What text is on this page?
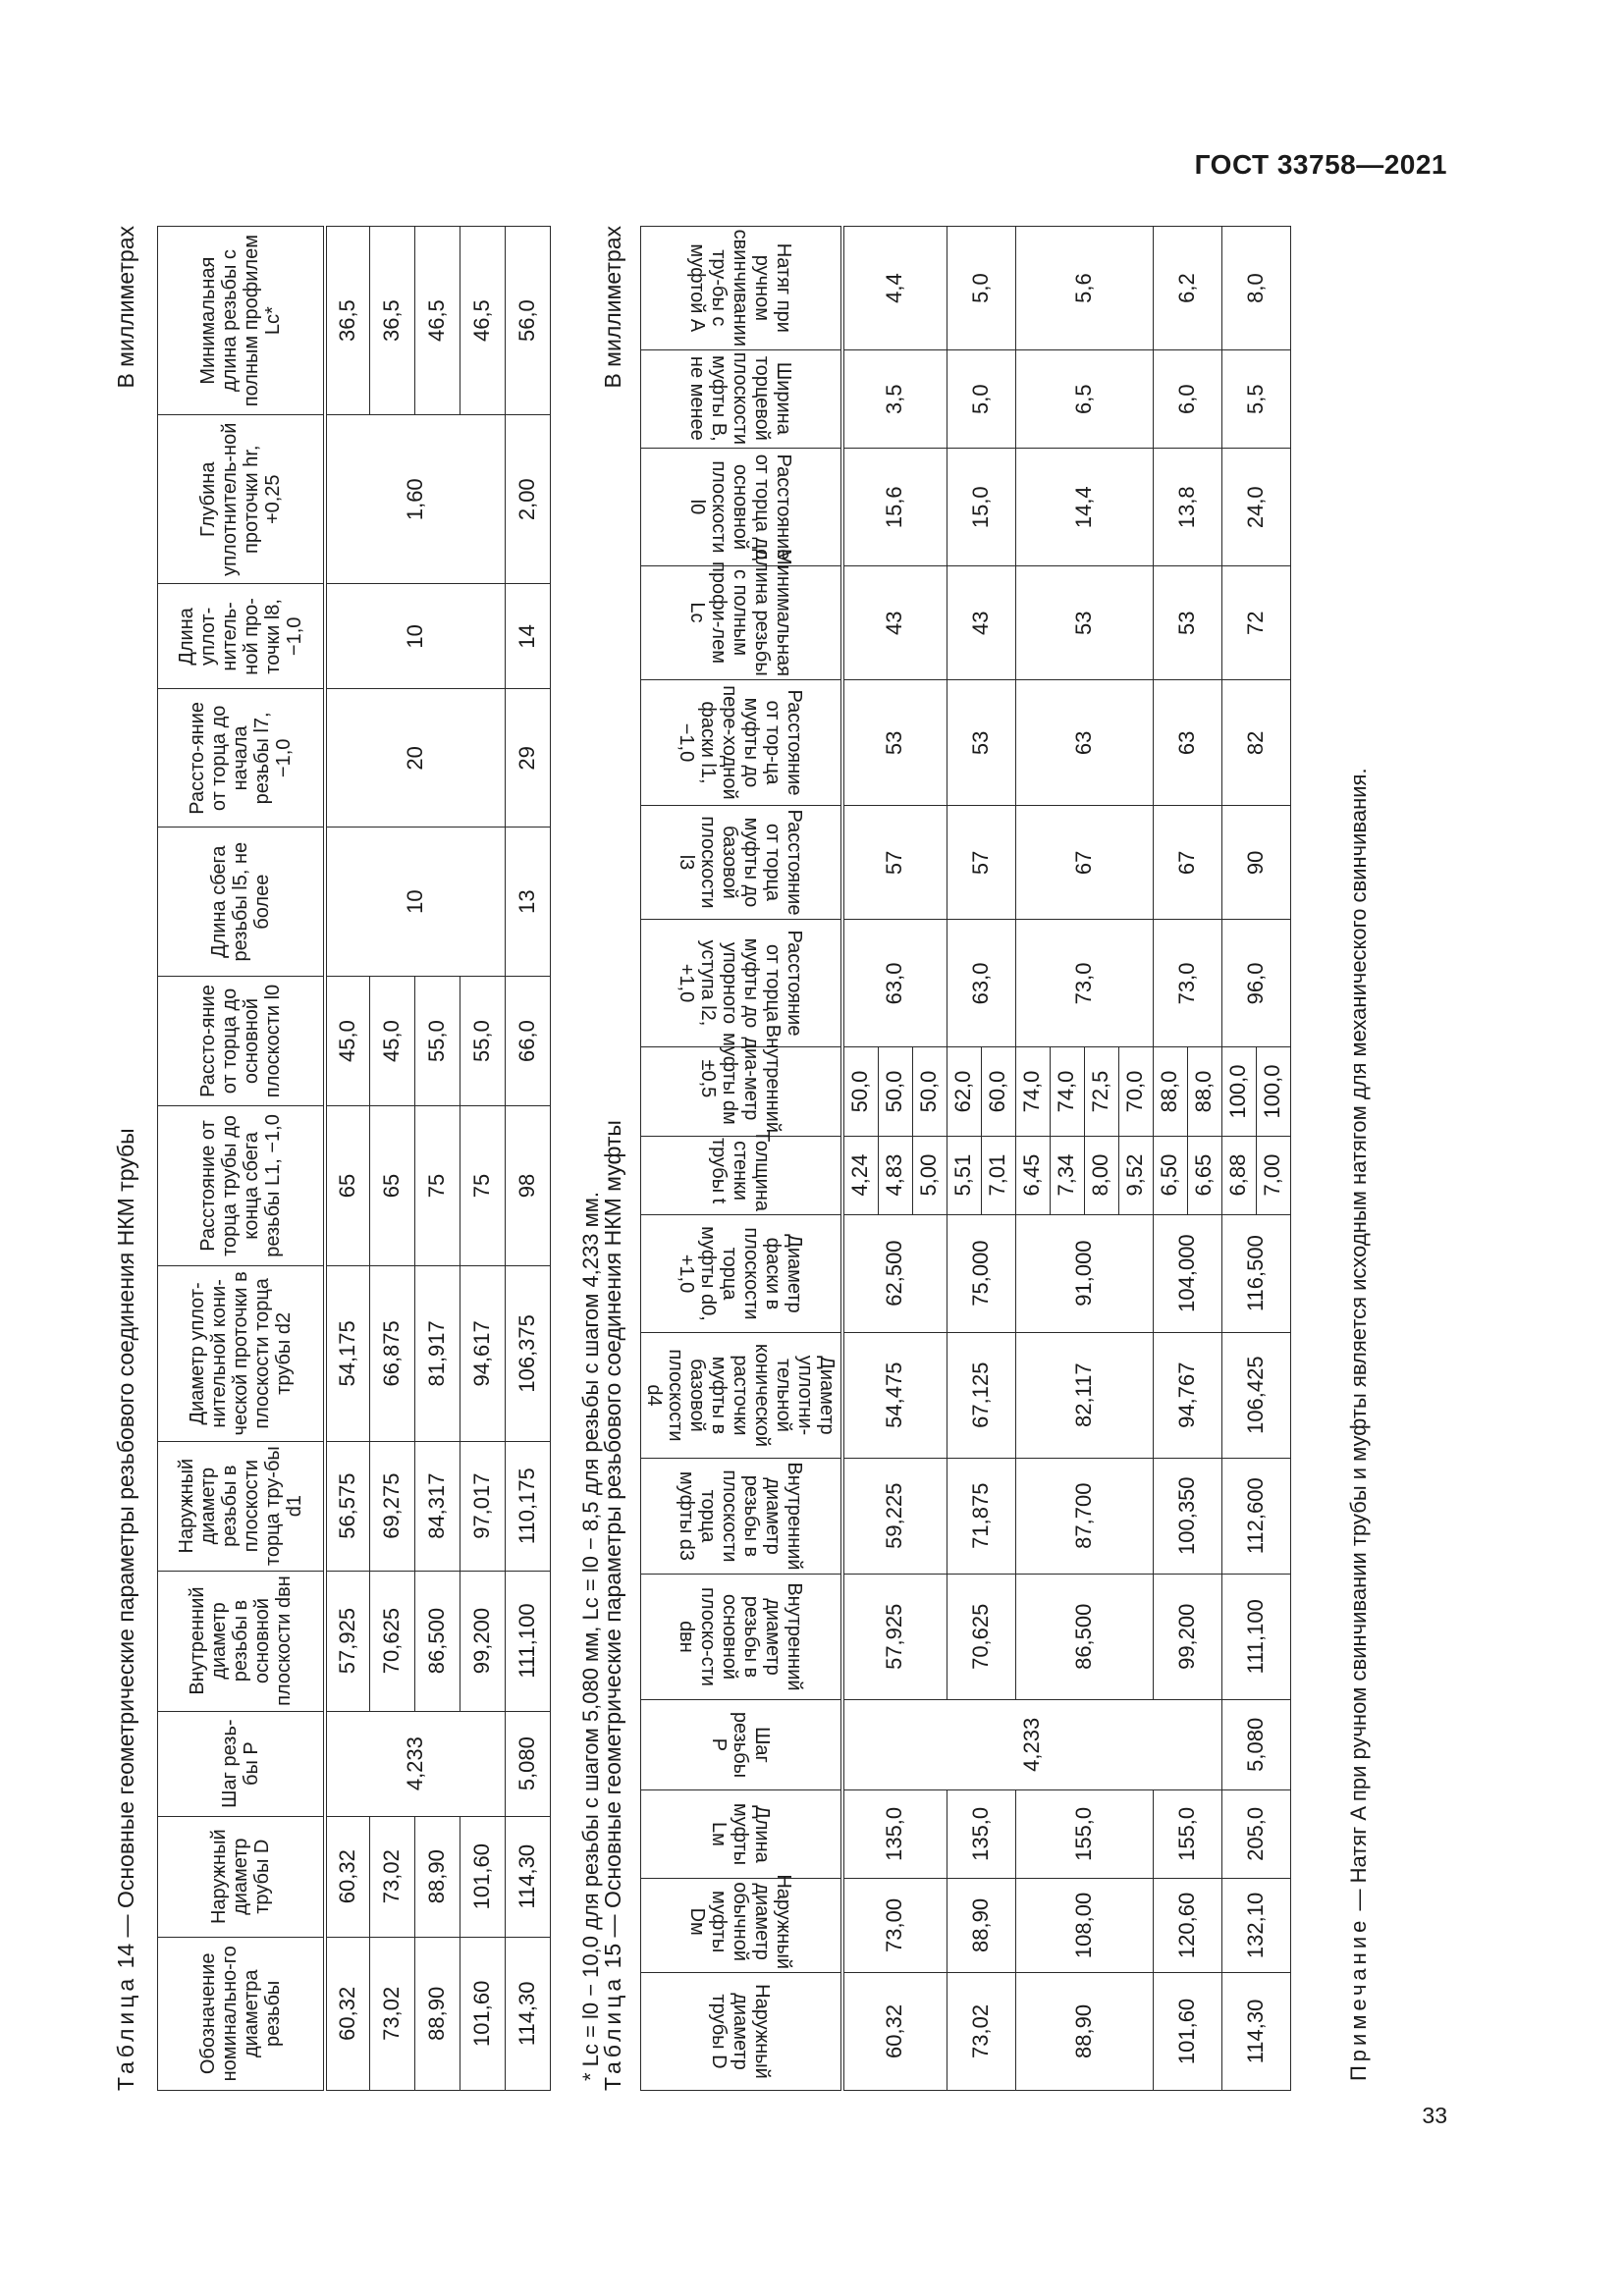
ГОСТ 33758—2021
33
Таблица 14 — Основные геометрические параметры резьбового соединения НКМ трубы
В миллиметрах
Обозначение номинально-го диаметра резьбы	Наружный диаметр трубы D	Шаг резь-бы P	Внутренний диаметр резьбы в основной плоскости dвн	Наружный диаметр резьбы в плоскости торца тру-бы d1	Диаметр уплот-нительной кони-ческой проточки в плоскости торца трубы d2	Расстояние от торца трубы до конца сбега резьбы L1, −1,0	Рассто-яние от торца до основной плоскости l0	Длина сбега резьбы l5, не более	Рассто-яние от торца до начала резьбы l7, −1,0	Длина уплот-нитель-ной про-точки l8, −1,0	Глубина уплотнитель-ной проточки hr, +0,25	Минимальная длина резьбы с полным профилем Lc*
60,32	60,32	4,233	57,925	56,575	54,175	65	45,0	10	20	10	1,60	36,5
73,02	73,02		70,625	69,275	66,875	65	45,0					36,5
88,90	88,90		86,500	84,317	81,917	75	55,0					46,5
101,60	101,60		99,200	97,017	94,617	75	55,0					46,5
114,30	114,30	5,080	111,100	110,175	106,375	98	66,0	13	29	14	2,00	56,0
* Lc = l0 − 10,0 для резьбы с шагом 5,080 мм, Lc = l0 − 8,5 для резьбы с шагом 4,233 мм.
Таблица 15 — Основные геометрические параметры резьбового соединения НКМ муфты
В миллиметрах
Наружный диаметр трубы D	Наружный диаметр обычной муфты Dм	Длина муфты Lм	Шаг резьбы P	Внутренний диаметр резьбы в основной плоско-сти dвн	Внутренний диаметр резьбы в плоскости торца муфты d3	Диаметр уплотни-тельной конической расточки муфты в базовой плоскости d4	Диаметр фаски в плоскости торца муфты d0, +1,0	Толщина стенки трубы t	Внутренний диа-метр муфты dм ±0,5	Расстояние от торца муфты до упорного уступа l2, +1,0	Расстояние от торца муфты до базовой плоскости l3	Расстояние от тор-ца муфты до пере-ходной фаски l1, −1,0	Минимальная длина резьбы с полным профи-лем Lc	Расстояние от торца до основной плоскости l0	Ширина торцевой плоскости муфты B, не менее	Натяг при ручном свинчивании тру-бы с муфтой A
60,32	73,00	135,0	4,233	57,925	59,225	54,475	62,500	4,24	50,0	63,0	57	53	43	15,6	3,5	4,4
								4,83	50,0							
								5,00	50,0							
73,02	88,90	135,0		70,625	71,875	67,125	75,000	5,51	62,0	63,0	57	53	43	15,0	5,0	5,0
								7,01	60,0							
88,90	108,00	155,0		86,500	87,700	82,117	91,000	6,45	74,0	73,0	67	63	53	14,4	6,5	5,6
								7,34	74,0							
								8,00	72,5							
								9,52	70,0							
101,60	120,60	155,0		99,200	100,350	94,767	104,000	6,50	88,0	73,0	67	63	53	13,8	6,0	6,2
								6,65	88,0							
114,30	132,10	205,0	5,080	111,100	112,600	106,425	116,500	6,88	100,0	96,0	90	82	72	24,0	5,5	8,0
								7,00	100,0							
Примечание — Натяг A при ручном свинчивании трубы и муфты является исходным натягом для механического свинчивания.
